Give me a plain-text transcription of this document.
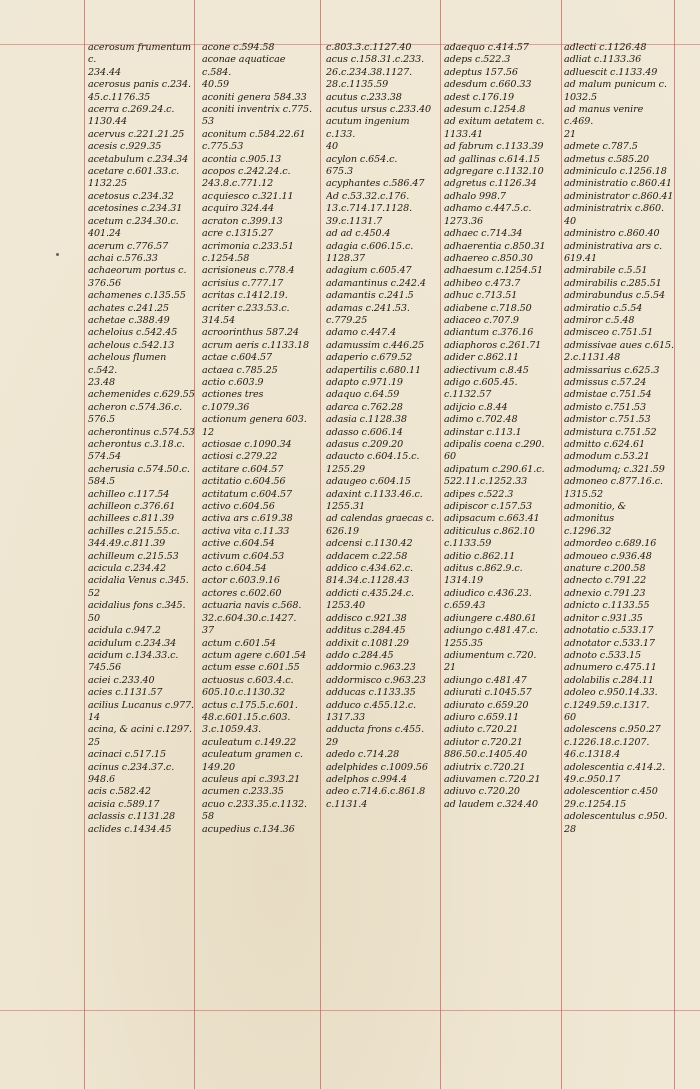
acerosum frumentum c.
234.44
acerosus panis c.234.
45.c.1176.35
acerra c.269.24.c.
1130.44
acervus c.221.21.25
acesis c.929.35
acetabulum c.234.34
acetare c.601.33.c.
1132.25
acetosus c.234.32
acetosines c.234.31
acetum c.234.30.c.
401.24
acerum c.776.57
achai c.576.33
achaeorum portus c.
376.56
achamenes c.135.55
achates c.241.25
achetae c.388.49
acheloius c.542.45
achelous c.542.13
achelous flumen c.542.
23.48
achemenides c.629.55
acheron c.574.36.c.
576.5
acherontinus c.574.53
acherontus c.3.18.c.
574.54
acherusia c.574.50.c.
584.5
achilleo c.117.54
achilleon c.376.61
achillees c.811.39
achilles c.215.55.c.
344.49.c.811.39
achilleum c.215.53
acicula c.234.42
acidalia Venus c.345.
52
acidalius fons c.345.
50
acidula c.947.2
acidulum c.234.34
acidum c.134.33.c.
745.56
aciei c.233.40
acies c.1131.57
acilius Lucanus c.977.
14
acina, & acini c.1297.
25
acinaci c.517.15
acinus c.234.37.c.
948.6
acis c.582.42
acisia c.589.17
aclassis c.1131.28
aclides c.1434.45
acone c.594.58
aconae aquaticae c.584.
40.59
aconiti genera 584.33
aconiti inventrix c.775.
53
aconitum c.584.22.61
c.775.53
acontia c.905.13
acopos c.242.24.c.
243.8.c.771.12
acquiesco c.321.11
acquiro 324.44
acraton c.399.13
acre c.1315.27
acrimonia c.233.51
c.1254.58
acrisioneus c.778.4
acrisius c.777.17
acritas c.1412.19.
acriter c.233.53.c.
314.54
acroorinthus 587.24
acrum aeris c.1133.18
actae c.604.57
actaea c.785.25
actio c.603.9
actiones tres c.1079.36
actionum genera 603.
12
actiosae c.1090.34
actiosi c.279.22
actitare c.604.57
actitatio c.604.56
actitatum c.604.57
activo c.604.56
activa ars c.619.38
activa vita c.11.33
active c.604.54
activum c.604.53
acto c.604.54
actor c.603.9.16
actores c.602.60
actuaria navis c.568.
32.c.604.30.c.1427.
37
actum c.601.54
actum agere c.601.54
actum esse c.601.55
actuosus c.603.4.c.
605.10.c.1130.32
actus c.175.5.c.601.
48.c.601.15.c.603.
3.c.1059.43.
aculeatum c.149.22
aculeatum gramen c.
149.20
aculeus api c.393.21
acumen c.233.35
acuo c.233.35.c.1132.
58
acupedius c.134.36
c.803.3.c.1127.40
acus c.158.31.c.233.
26.c.234.38.1127.
28.c.1135.59
acutus c.233.38
acutus ursus c.233.40
acutum ingenium c.133.
40
acylon c.654.c.
675.3
acyphantes c.586.47
Ad c.53.32.c.176.
13.c.714.17.1128.
39.c.1131.7
ad ad c.450.4
adagia c.606.15.c.
1128.37
adagium c.605.47
adamantinus c.242.4
adamantis c.241.5
adamas c.241.53.
c.779.25
adamo c.447.4
adamussim c.446.25
adaperio c.679.52
adapertilis c.680.11
adapto c.971.19
adaquo c.64.59
adarca c.762.28
adasia c.1128.38
adasso c.606.14
adasus c.209.20
adaucto c.604.15.c.
1255.29
adaugeo c.604.15
adaxint c.1133.46.c.
1255.31
ad calendas graecas c.
626.19
adcensi c.1130.42
addacem c.22.58
addico c.434.62.c.
814.34.c.1128.43
addicti c.435.24.c.
1253.40
addisco c.921.38
additus c.284.45
addixit c.1081.29
addo c.284.45
addormio c.963.23
addormisco c.963.23
adducas c.1133.35
adduco c.455.12.c.
1317.33
adducta frons c.455.
29
adedo c.714.28
adelphides c.1009.56
adelphos c.994.4
adeo c.714.6.c.861.8
c.1131.4
adaequo c.414.57
adeps c.522.3
adeptus 157.56
adesdum c.660.33
adest c.176.19
adesum c.1254.8
ad exitum aetatem c.
1133.41
ad fabrum c.1133.39
ad gallinas c.614.15
adgregare c.1132.10
adgretus c.1126.34
adhalo 998.7
adhamo c.447.5.c.
1273.36
adhaec c.714.34
adhaerentia c.850.31
adhaereo c.850.30
adhaesum c.1254.51
adhibeo c.473.7
adhuc c.713.51
adiabene c.718.50
adiaceo c.707.9
adiantum c.376.16
adiaphoros c.261.71
adider c.862.11
adiectivum c.8.45
adigo c.605.45.
c.1132.57
adijcio c.8.44
adimo c.702.48
adinstar c.113.1
adipalis coena c.290.
60
adipatum c.290.61.c.
522.11.c.1252.33
adipes c.522.3
adipiscor c.157.53
adipsacum c.663.41
aditiculus c.862.10
c.1133.59
aditio c.862.11
aditus c.862.9.c.
1314.19
adiudico c.436.23.
c.659.43
adiungere c.480.61
adiungo c.481.47.c.
1255.35
adiumentum c.720.
21
adiungo c.481.47
adiurati c.1045.57
adiurato c.659.20
adiuro c.659.11
adiuto c.720.21
adiutor c.720.21
886.50.c.1405.40
adiutrix c.720.21
adiuvamen c.720.21
adiuvo c.720.20
ad laudem c.324.40
adlecti c.1126.48
adliat c.1133.36
adluescit c.1133.49
ad malum punicum c.
1032.5
ad manus venire c.469.
21
admete c.787.5
admetus c.585.20
adminiculo c.1256.18
administratio c.860.41
administrator c.860.41
administratrix c.860.
40
administro c.860.40
administrativa ars c.
619.41
admirabile c.5.51
admirabilis c.285.51
admirabundus c.5.54
admiratio c.5.54
admiror c.5.48
admisceo c.751.51
admissivae aues c.615.
2.c.1131.48
admissarius c.625.3
admissus c.57.24
admistae c.751.54
admisto c.751.53
admistor c.751.53
admistura c.751.52
admitto c.624.61
admodum c.53.21
admodumq; c.321.59
admoneo c.877.16.c.
1315.52
admonitio, & admonitus
c.1296.32
admordeo c.689.16
admoueo c.936.48
anature c.200.58
adnecto c.791.22
adnexio c.791.23
adnicto c.1133.55
adnitor c.931.35
adnotatio c.533.17
adnotator c.533.17
adnoto c.533.15
adnumero c.475.11
adolabilis c.284.11
adoleo c.950.14.33.
c.1249.59.c.1317.
60
adolescens c.950.27
c.1226.18.c.1207.
46.c.1318.4
adolescentia c.414.2.
49.c.950.17
adolescentior c.450
29.c.1254.15
adolescentulus c.950.
28
